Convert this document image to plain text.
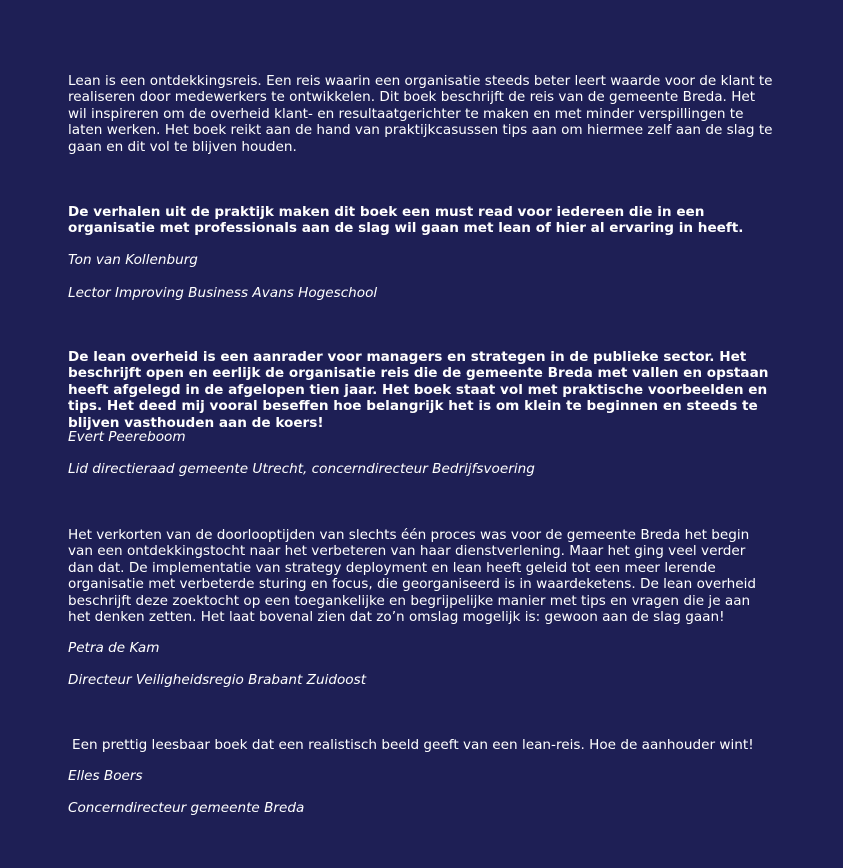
Lean is een ontdekkingsreis. Een reis waarin een organisatie steeds beter leert waarde voor de klant te realiseren door medewerkers te ontwikkelen. Dit boek beschrijft de reis van de gemeente Breda. Het wil inspireren om de overheid klant- en resultaatgerichter te maken en met minder verspillingen te laten werken. Het boek reikt aan de hand van praktijkcasussen tips aan om hiermee zelf aan de slag te gaan en dit vol te blijven houden.

De verhalen uit de praktijk maken dit boek een must read voor iedereen die in een organisatie met professionals aan de slag wil gaan met lean of hier al ervaring in heeft.

Ton van Kollenburg
Lector Improving Business Avans Hogeschool

De lean overheid is een aanrader voor managers en strategen in de publieke sector. Het beschrijft open en eerlijk de organisatie reis die de gemeente Breda met vallen en opstaan heeft afgelegd in de afgelopen tien jaar. Het boek staat vol met praktische voorbeelden en tips. Het deed mij vooral beseffen hoe belangrijk het is om klein te beginnen en steeds te blijven vasthouden aan de koers!

Evert Peereboom
Lid directieraad gemeente Utrecht, concerndirecteur Bedrijfsvoering

Het verkorten van de doorlooptijden van slechts één proces was voor de gemeente Breda het begin van een ontdekkingstocht naar het verbeteren van haar dienstverlening. Maar het ging veel verder dan dat. De implementatie van strategy deployment en lean heeft geleid tot een meer lerende organisatie met verbeterde sturing en focus, die georganiseerd is in waardeketens. De lean overheid beschrijft deze zoektocht op een toegankelijke en begrijpelijke manier met tips en vragen die je aan het denken zetten. Het laat bovenal zien dat zo’n omslag mogelijk is: gewoon aan de slag gaan!

Petra de Kam
Directeur Veiligheidsregio Brabant Zuidoost

Een prettig leesbaar boek dat een realistisch beeld geeft van een lean-reis. Hoe de aanhouder wint!

Elles Boers
Concerndirecteur gemeente Breda
